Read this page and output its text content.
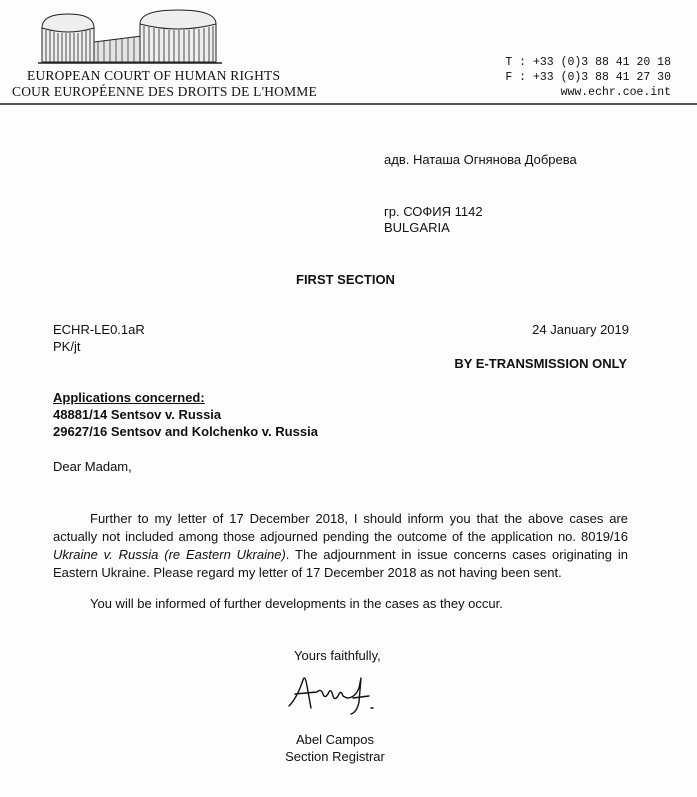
EUROPEAN COURT OF HUMAN RIGHTS
COUR EUROPÉENNE DES DROITS DE L'HOMME
T : +33 (0)3 88 41 20 18
F : +33 (0)3 88 41 27 30
www.echr.coe.int
адв. Наташа Огнянова Добрева
гр. СОФИЯ 1142
BULGARIA
FIRST SECTION
ECHR-LE0.1aR
PK/jt
24 January 2019
BY E-TRANSMISSION ONLY
Applications concerned:
48881/14 Sentsov v. Russia
29627/16 Sentsov and Kolchenko v. Russia
Dear Madam,
Further to my letter of 17 December 2018, I should inform you that the above cases are actually not included among those adjourned pending the outcome of the application no. 8019/16 Ukraine v. Russia (re Eastern Ukraine). The adjournment in issue concerns cases originating in Eastern Ukraine. Please regard my letter of 17 December 2018 as not having been sent.
You will be informed of further developments in the cases as they occur.
Yours faithfully,
Abel Campos
Section Registrar
